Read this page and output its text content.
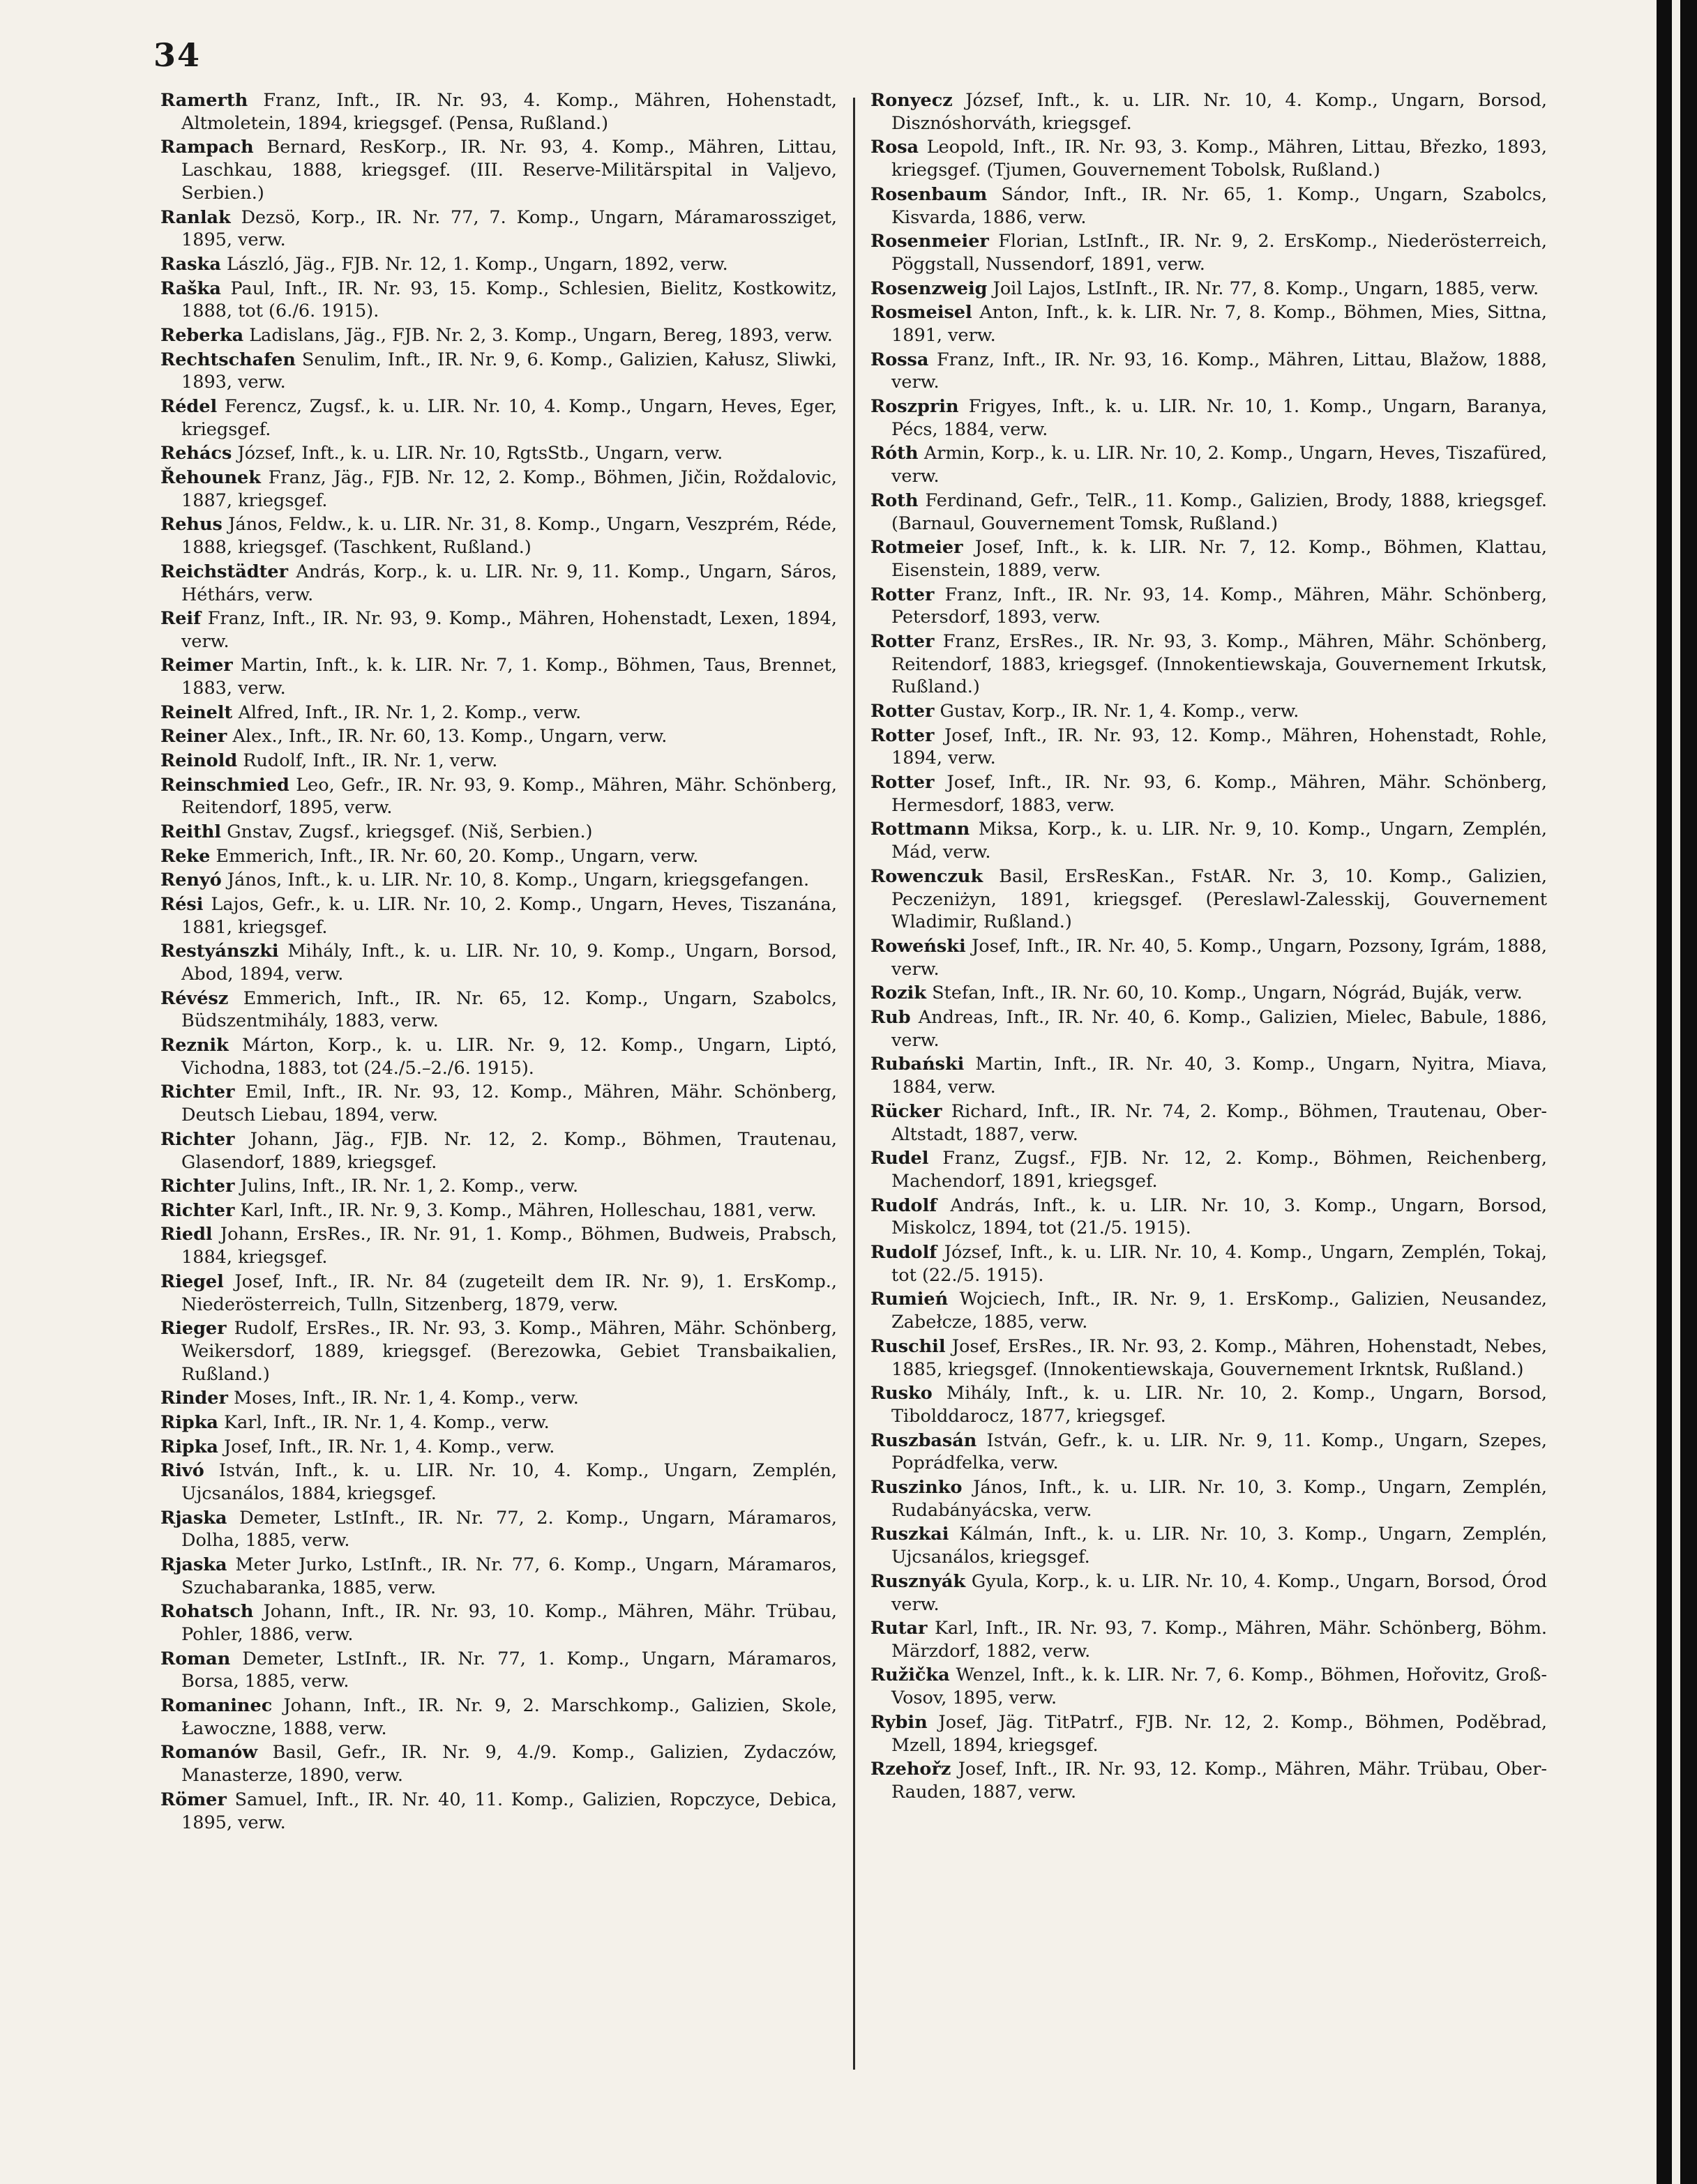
34

Ramerth Franz, Inft., IR. Nr. 93, 4. Komp., Mähren, Hohenstadt, Altmoletein, 1894, kriegsgef. (Pensa, Rußland.)

Rampach Bernard, ResKorp., IR. Nr. 93, 4. Komp., Mähren, Littau, Laschkau, 1888, kriegsgef. (III. Reserve-Militärspital in Valjevo, Serbien.)

Ranlak Dezsö, Korp., IR. Nr. 77, 7. Komp., Ungarn, Máramarossziget, 1895, verw.

Raska László, Jäg., FJB. Nr. 12, 1. Komp., Ungarn, 1892, verw.

Raška Paul, Inft., IR. Nr. 93, 15. Komp., Schlesien, Bielitz, Kostkowitz, 1888, tot (6./6. 1915).

Reberka Ladislans, Jäg., FJB. Nr. 2, 3. Komp., Ungarn, Bereg, 1893, verw.

Rechtschafen Senulim, Inft., IR. Nr. 9, 6. Komp., Galizien, Kałusz, Sliwki, 1893, verw.

Rédel Ferencz, Zugsf., k. u. LIR. Nr. 10, 4. Komp., Ungarn, Heves, Eger, kriegsgef.

Rehács József, Inft., k. u. LIR. Nr. 10, RgtsStb., Ungarn, verw.

Řehounek Franz, Jäg., FJB. Nr. 12, 2. Komp., Böhmen, Jičin, Roždalovic, 1887, kriegsgef.

Rehus János, Feldw., k. u. LIR. Nr. 31, 8. Komp., Ungarn, Veszprém, Réde, 1888, kriegsgef. (Taschkent, Rußland.)

Reichstädter András, Korp., k. u. LIR. Nr. 9, 11. Komp., Ungarn, Sáros, Héthárs, verw.

Reif Franz, Inft., IR. Nr. 93, 9. Komp., Mähren, Hohenstadt, Lexen, 1894, verw.

Reimer Martin, Inft., k. k. LIR. Nr. 7, 1. Komp., Böhmen, Taus, Brennet, 1883, verw.

Reinelt Alfred, Inft., IR. Nr. 1, 2. Komp., verw.

Reiner Alex., Inft., IR. Nr. 60, 13. Komp., Ungarn, verw.

Reinold Rudolf, Inft., IR. Nr. 1, verw.

Reinschmied Leo, Gefr., IR. Nr. 93, 9. Komp., Mähren, Mähr. Schönberg, Reitendorf, 1895, verw.

Reithl Gnstav, Zugsf., kriegsgef. (Niš, Serbien.)

Reke Emmerich, Inft., IR. Nr. 60, 20. Komp., Ungarn, verw.

Renyó János, Inft., k. u. LIR. Nr. 10, 8. Komp., Ungarn, kriegsgefangen.

Rési Lajos, Gefr., k. u. LIR. Nr. 10, 2. Komp., Ungarn, Heves, Tiszanána, 1881, kriegsgef.

Restyánszki Mihály, Inft., k. u. LIR. Nr. 10, 9. Komp., Ungarn, Borsod, Abod, 1894, verw.

Révész Emmerich, Inft., IR. Nr. 65, 12. Komp., Ungarn, Szabolcs, Büdszentmihály, 1883, verw.

Reznik Márton, Korp., k. u. LIR. Nr. 9, 12. Komp., Ungarn, Liptó, Vichodna, 1883, tot (24./5.–2./6. 1915).

Richter Emil, Inft., IR. Nr. 93, 12. Komp., Mähren, Mähr. Schönberg, Deutsch Liebau, 1894, verw.

Richter Johann, Jäg., FJB. Nr. 12, 2. Komp., Böhmen, Trautenau, Glasendorf, 1889, kriegsgef.

Richter Julins, Inft., IR. Nr. 1, 2. Komp., verw.

Richter Karl, Inft., IR. Nr. 9, 3. Komp., Mähren, Holleschau, 1881, verw.

Riedl Johann, ErsRes., IR. Nr. 91, 1. Komp., Böhmen, Budweis, Prabsch, 1884, kriegsgef.

Riegel Josef, Inft., IR. Nr. 84 (zugeteilt dem IR. Nr. 9), 1. ErsKomp., Niederösterreich, Tulln, Sitzenberg, 1879, verw.

Rieger Rudolf, ErsRes., IR. Nr. 93, 3. Komp., Mähren, Mähr. Schönberg, Weikersdorf, 1889, kriegsgef. (Berezowka, Gebiet Transbaikalien, Rußland.)

Rinder Moses, Inft., IR. Nr. 1, 4. Komp., verw.

Ripka Karl, Inft., IR. Nr. 1, 4. Komp., verw.

Ripka Josef, Inft., IR. Nr. 1, 4. Komp., verw.

Rivó István, Inft., k. u. LIR. Nr. 10, 4. Komp., Ungarn, Zemplén, Ujcsanálos, 1884, kriegsgef.

Rjaska Demeter, LstInft., IR. Nr. 77, 2. Komp., Ungarn, Máramaros, Dolha, 1885, verw.

Rjaska Meter Jurko, LstInft., IR. Nr. 77, 6. Komp., Ungarn, Máramaros, Szuchabaranka, 1885, verw.

Rohatsch Johann, Inft., IR. Nr. 93, 10. Komp., Mähren, Mähr. Trübau, Pohler, 1886, verw.

Roman Demeter, LstInft., IR. Nr. 77, 1. Komp., Ungarn, Máramaros, Borsa, 1885, verw.

Romaninec Johann, Inft., IR. Nr. 9, 2. Marschkomp., Galizien, Skole, Ławoczne, 1888, verw.

Romanów Basil, Gefr., IR. Nr. 9, 4./9. Komp., Galizien, Zydaczów, Manasterze, 1890, verw.

Römer Samuel, Inft., IR. Nr. 40, 11. Komp., Galizien, Ropczyce, Debica, 1895, verw.

Ronyecz József, Inft., k. u. LIR. Nr. 10, 4. Komp., Ungarn, Borsod, Disznóshorváth, kriegsgef.

Rosa Leopold, Inft., IR. Nr. 93, 3. Komp., Mähren, Littau, Březko, 1893, kriegsgef. (Tjumen, Gouvernement Tobolsk, Rußland.)

Rosenbaum Sándor, Inft., IR. Nr. 65, 1. Komp., Ungarn, Szabolcs, Kisvarda, 1886, verw.

Rosenmeier Florian, LstInft., IR. Nr. 9, 2. ErsKomp., Niederösterreich, Pöggstall, Nussendorf, 1891, verw.

Rosenzweig Joil Lajos, LstInft., IR. Nr. 77, 8. Komp., Ungarn, 1885, verw.

Rosmeisel Anton, Inft., k. k. LIR. Nr. 7, 8. Komp., Böhmen, Mies, Sittna, 1891, verw.

Rossa Franz, Inft., IR. Nr. 93, 16. Komp., Mähren, Littau, Blažow, 1888, verw.

Roszprin Frigyes, Inft., k. u. LIR. Nr. 10, 1. Komp., Ungarn, Baranya, Pécs, 1884, verw.

Róth Armin, Korp., k. u. LIR. Nr. 10, 2. Komp., Ungarn, Heves, Tiszafüred, verw.

Roth Ferdinand, Gefr., TelR., 11. Komp., Galizien, Brody, 1888, kriegsgef. (Barnaul, Gouvernement Tomsk, Rußland.)

Rotmeier Josef, Inft., k. k. LIR. Nr. 7, 12. Komp., Böhmen, Klattau, Eisenstein, 1889, verw.

Rotter Franz, Inft., IR. Nr. 93, 14. Komp., Mähren, Mähr. Schönberg, Petersdorf, 1893, verw.

Rotter Franz, ErsRes., IR. Nr. 93, 3. Komp., Mähren, Mähr. Schönberg, Reitendorf, 1883, kriegsgef. (Innokentiewskaja, Gouvernement Irkutsk, Rußland.)

Rotter Gustav, Korp., IR. Nr. 1, 4. Komp., verw.

Rotter Josef, Inft., IR. Nr. 93, 12. Komp., Mähren, Hohenstadt, Rohle, 1894, verw.

Rotter Josef, Inft., IR. Nr. 93, 6. Komp., Mähren, Mähr. Schönberg, Hermesdorf, 1883, verw.

Rottmann Miksa, Korp., k. u. LIR. Nr. 9, 10. Komp., Ungarn, Zemplén, Mád, verw.

Rowenczuk Basil, ErsResKan., FstAR. Nr. 3, 10. Komp., Galizien, Peczeniżyn, 1891, kriegsgef. (Pereslawl-Zalesskij, Gouvernement Wladimir, Rußland.)

Roweński Josef, Inft., IR. Nr. 40, 5. Komp., Ungarn, Pozsony, Igrám, 1888, verw.

Rozik Stefan, Inft., IR. Nr. 60, 10. Komp., Ungarn, Nógrád, Buják, verw.

Rub Andreas, Inft., IR. Nr. 40, 6. Komp., Galizien, Mielec, Babule, 1886, verw.

Rubański Martin, Inft., IR. Nr. 40, 3. Komp., Ungarn, Nyitra, Miava, 1884, verw.

Rücker Richard, Inft., IR. Nr. 74, 2. Komp., Böhmen, Trautenau, Ober-Altstadt, 1887, verw.

Rudel Franz, Zugsf., FJB. Nr. 12, 2. Komp., Böhmen, Reichenberg, Machendorf, 1891, kriegsgef.

Rudolf András, Inft., k. u. LIR. Nr. 10, 3. Komp., Ungarn, Borsod, Miskolcz, 1894, tot (21./5. 1915).

Rudolf József, Inft., k. u. LIR. Nr. 10, 4. Komp., Ungarn, Zemplén, Tokaj, tot (22./5. 1915).

Rumień Wojciech, Inft., IR. Nr. 9, 1. ErsKomp., Galizien, Neusandez, Zabełcze, 1885, verw.

Ruschil Josef, ErsRes., IR. Nr. 93, 2. Komp., Mähren, Hohenstadt, Nebes, 1885, kriegsgef. (Innokentiewskaja, Gouvernement Irkntsk, Rußland.)

Rusko Mihály, Inft., k. u. LIR. Nr. 10, 2. Komp., Ungarn, Borsod, Tibolddarocz, 1877, kriegsgef.

Ruszbasán István, Gefr., k. u. LIR. Nr. 9, 11. Komp., Ungarn, Szepes, Poprádfelka, verw.

Ruszinko János, Inft., k. u. LIR. Nr. 10, 3. Komp., Ungarn, Zemplén, Rudabányácska, verw.

Ruszkai Kálmán, Inft., k. u. LIR. Nr. 10, 3. Komp., Ungarn, Zemplén, Ujcsanálos, kriegsgef.

Rusznyák Gyula, Korp., k. u. LIR. Nr. 10, 4. Komp., Ungarn, Borsod, Órod verw.

Rutar Karl, Inft., IR. Nr. 93, 7. Komp., Mähren, Mähr. Schönberg, Böhm. Märzdorf, 1882, verw.

Ružička Wenzel, Inft., k. k. LIR. Nr. 7, 6. Komp., Böhmen, Hořovitz, Groß-Vosov, 1895, verw.

Rybin Josef, Jäg. TitPatrf., FJB. Nr. 12, 2. Komp., Böhmen, Poděbrad, Mzell, 1894, kriegsgef.

Rzehořz Josef, Inft., IR. Nr. 93, 12. Komp., Mähren, Mähr. Trübau, Ober-Rauden, 1887, verw.
